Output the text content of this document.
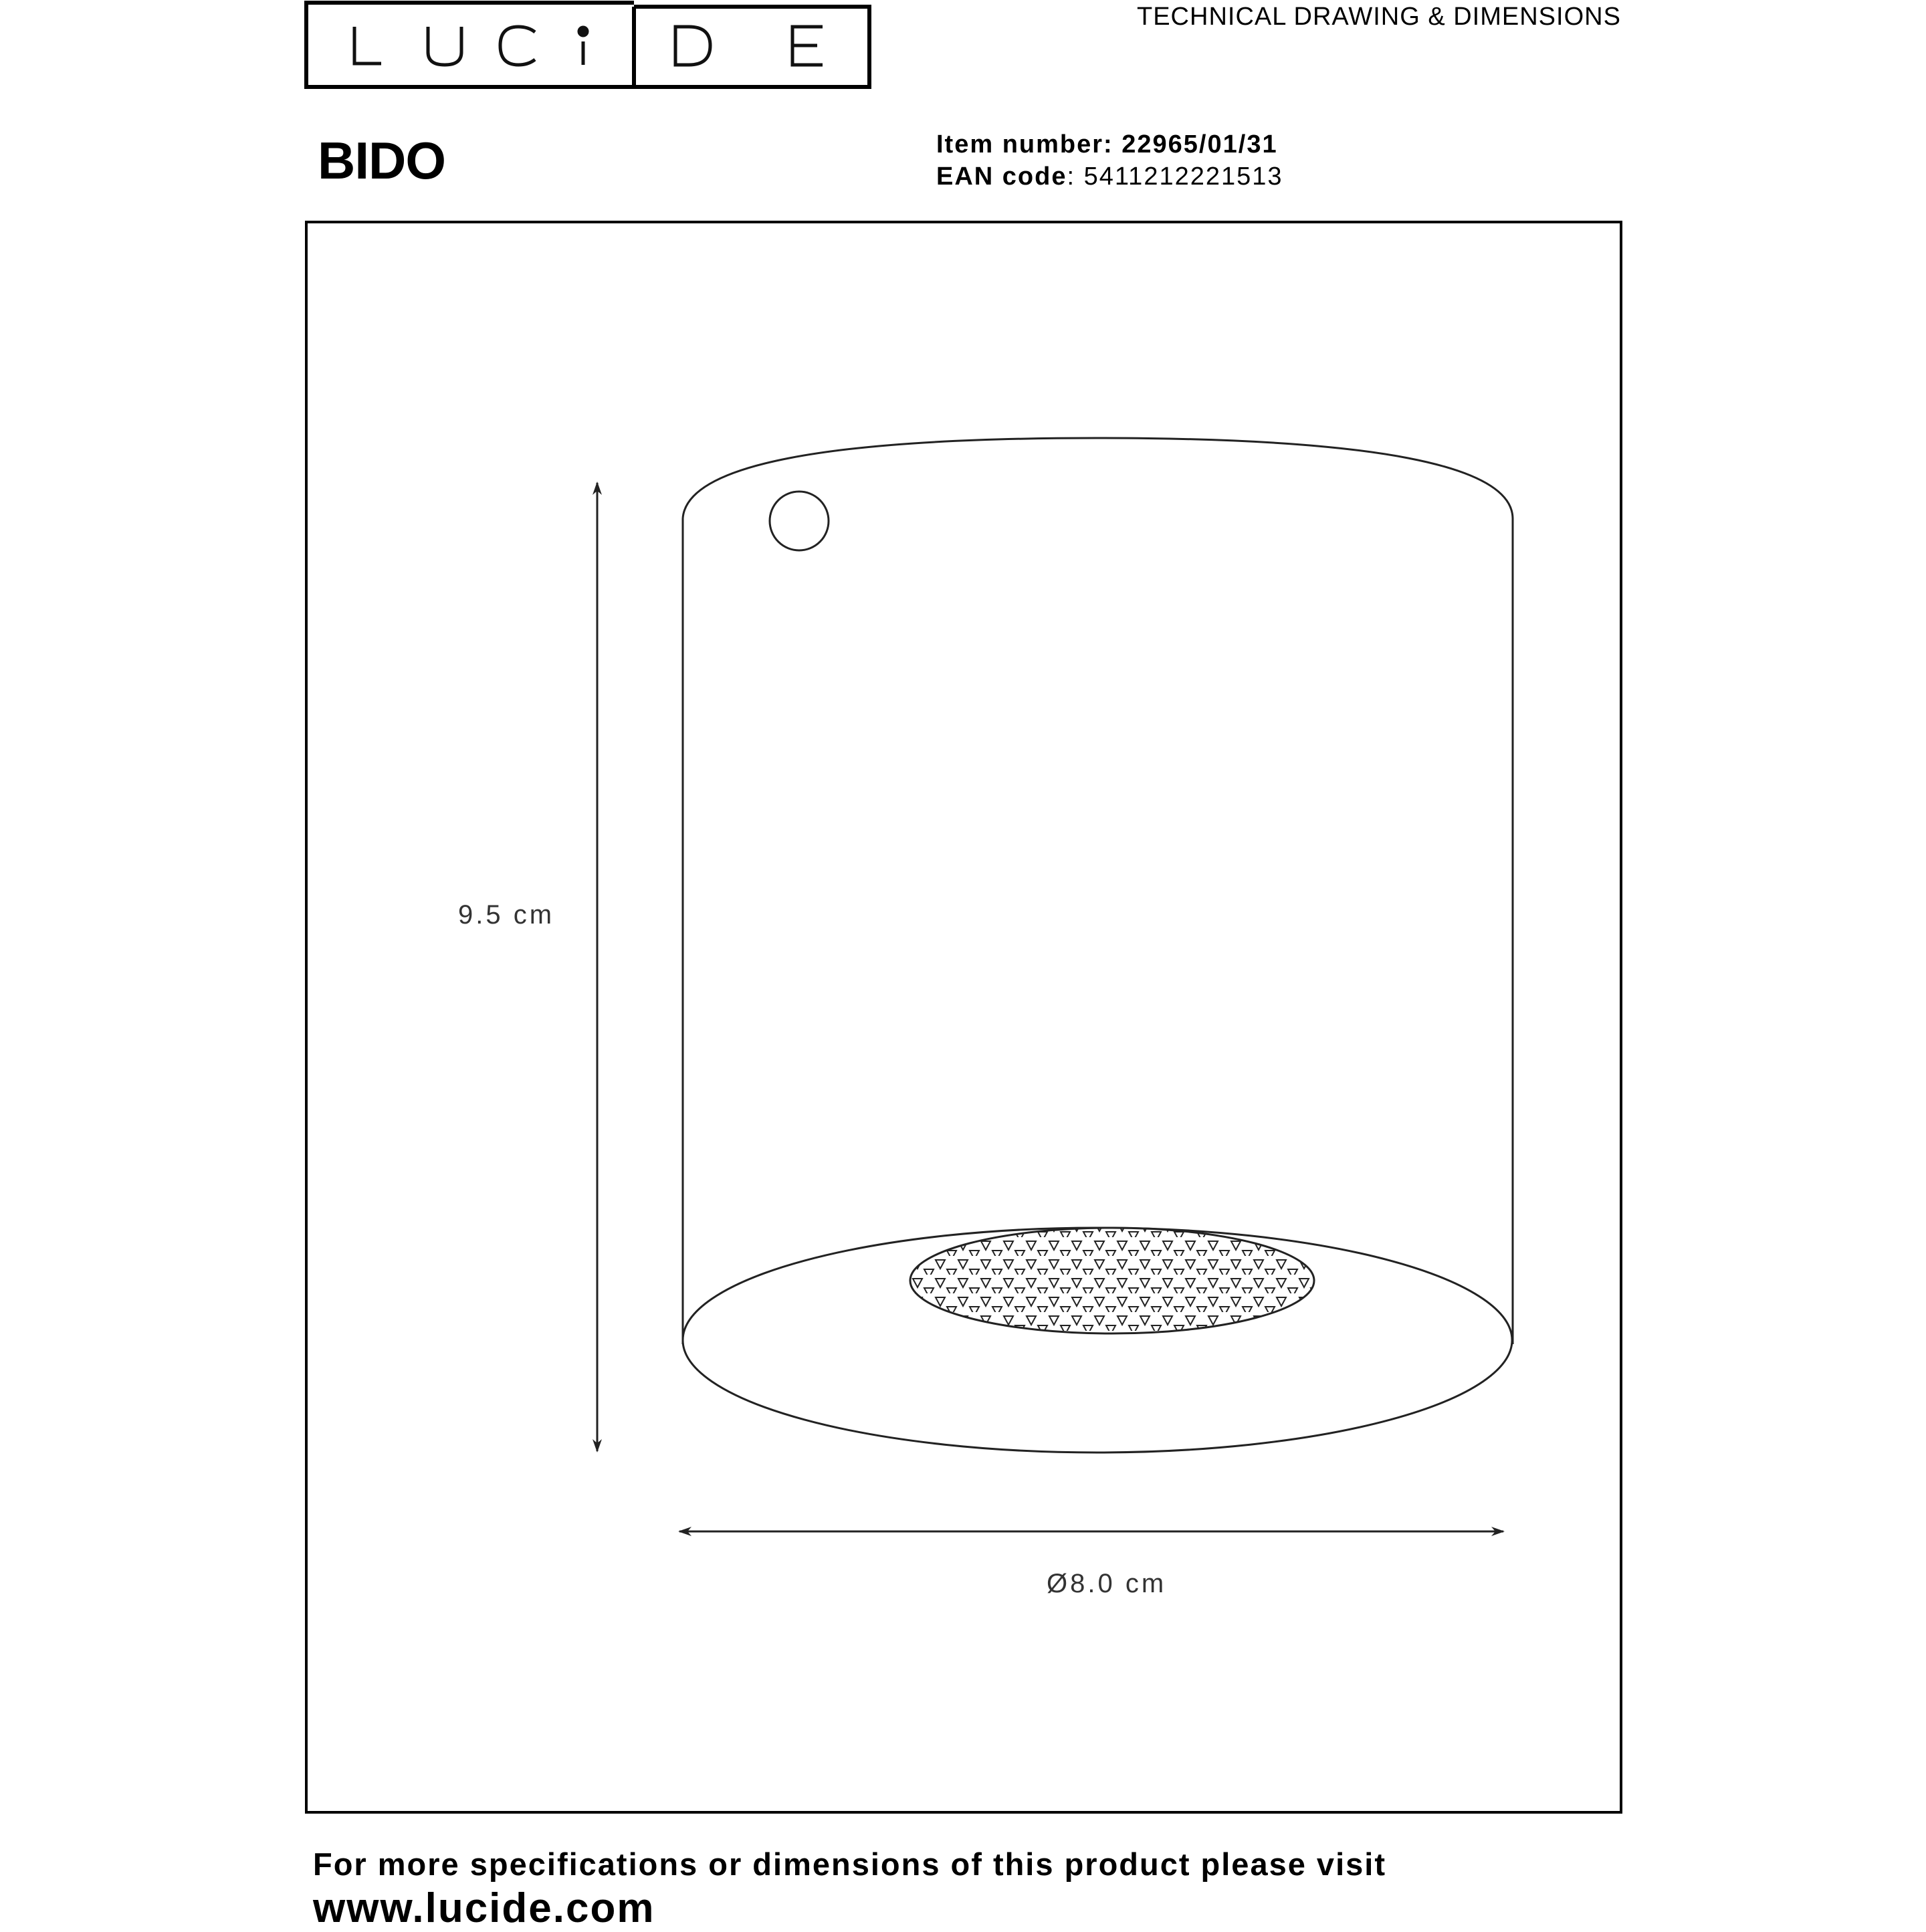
TECHNICAL DRAWING & DIMENSIONS
BIDO	Item number: 22965/01/31
EAN code: 5411212221513
9.5 cm
Ø8.0 cm
For more specifications or dimensions of this product please visit
www.lucide.com
